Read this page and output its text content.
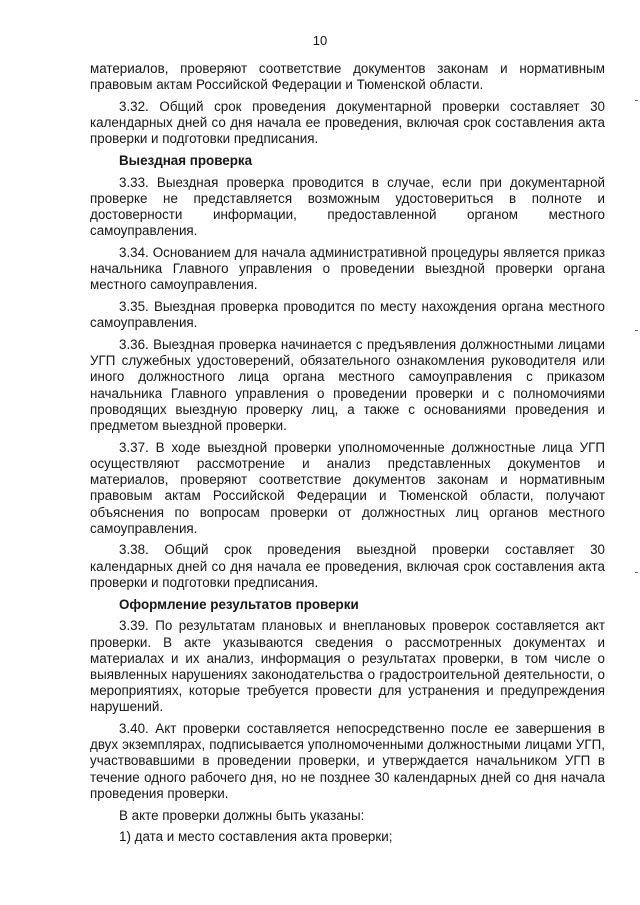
10

материалов, проверяют соответствие документов законам и нормативным правовым актам Российской Федерации и Тюменской области.

3.32. Общий срок проведения документарной проверки составляет 30 календарных дней со дня начала ее проведения, включая срок составления акта проверки и подготовки предписания.

Выездная проверка

3.33. Выездная проверка проводится в случае, если при документарной проверке не представляется возможным удостовериться в полноте и достоверности информации, предоставленной органом местного самоуправления.

3.34. Основанием для начала административной процедуры является приказ начальника Главного управления о проведении выездной проверки органа местного самоуправления.

3.35. Выездная проверка проводится по месту нахождения органа местного самоуправления.

3.36. Выездная проверка начинается с предъявления должностными лицами УГП служебных удостоверений, обязательного ознакомления руководителя или иного должностного лица органа местного самоуправления с приказом начальника Главного управления о проведении проверки и с полномочиями проводящих выездную проверку лиц, а также с основаниями проведения и предметом выездной проверки.

3.37. В ходе выездной проверки уполномоченные должностные лица УГП осуществляют рассмотрение и анализ представленных документов и материалов, проверяют соответствие документов законам и нормативным правовым актам Российской Федерации и Тюменской области, получают объяснения по вопросам проверки от должностных лиц органов местного самоуправления.

3.38. Общий срок проведения выездной проверки составляет 30 календарных дней со дня начала ее проведения, включая срок составления акта проверки и подготовки предписания.

Оформление результатов проверки

3.39. По результатам плановых и внеплановых проверок составляется акт проверки. В акте указываются сведения о рассмотренных документах и материалах и их анализ, информация о результатах проверки, в том числе о выявленных нарушениях законодательства о градостроительной деятельности, о мероприятиях, которые требуется провести для устранения и предупреждения нарушений.

3.40. Акт проверки составляется непосредственно после ее завершения в двух экземплярах, подписывается уполномоченными должностными лицами УГП, участвовавшими в проведении проверки, и утверждается начальником УГП в течение одного рабочего дня, но не позднее 30 календарных дней со дня начала проведения проверки.

В акте проверки должны быть указаны:

1) дата и место составления акта проверки;
